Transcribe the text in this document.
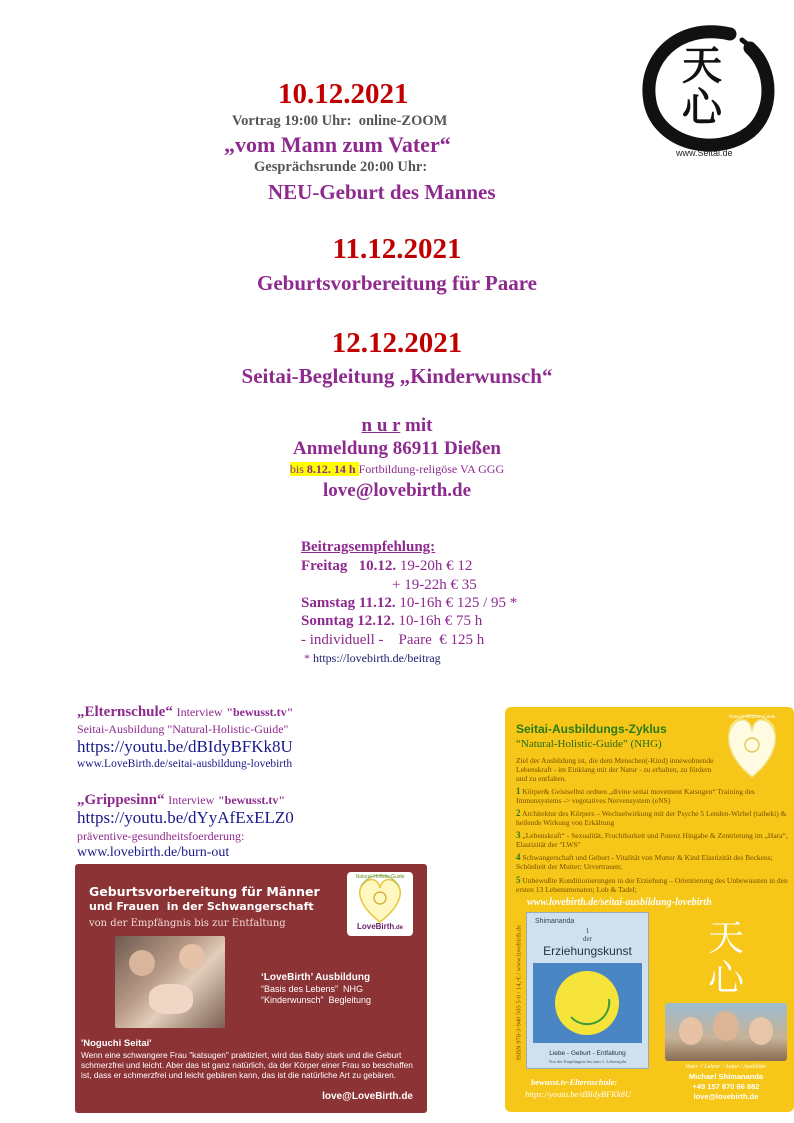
天
心
www.Seitai.de
10.12.2021
Vortrag 19:00 Uhr:  online-ZOOM
„vom Mann zum Vater“
Gesprächsrunde 20:00 Uhr:
NEU-Geburt des Mannes
11.12.2021
Geburtsvorbereitung für Paare
12.12.2021
Seitai-Begleitung „Kinderwunsch“
n u r mit
Anmeldung 86911 Dießen
bis 8.12. 14 h Fortbildung-religöse VA GGG
love@lovebirth.de
Beitragsempfehlung:
Freitag   10.12. 19-20h € 12
+ 19-22h € 35
Samstag 11.12. 10-16h € 125 / 95 *
Sonntag 12.12. 10-16h € 75 h
- individuell -    Paare  € 125 h
* https://lovebirth.de/beitrag
„Elternschule“ Interview "bewusst.tv"
Seitai-Ausbildung "Natural-Holistic-Guide"
https://youtu.be/dBIdyBFKk8U
www.LoveBirth.de/seitai-ausbildung-lovebirth
„Grippesinn“ Interview "bewusst.tv"
https://youtu.be/dYyAfExELZ0
präventive-gesundheitsfoerderung:
www.lovebirth.de/burn-out
Geburtsvorbereitung für Männer
und Frauen  in der Schwangerschaft
von der Empfängnis bis zur Entfaltung
Natural-Holistic-Guide
LoveBirth.de
‘LoveBirth’ Ausbildung
“Basis des Lebens”  NHG
“Kinderwunsch”  Begleitung
'Noguchi Seitai'
Wenn eine schwangere Frau "katsugen" praktiziert, wird das Baby stark und die Geburt schmerzfrei und leicht. Aber das ist ganz natürlich, da der Körper einer Frau so beschaffen ist, dass er schmerzfrei und leicht gebären kann, das ist die natürliche Art zu gebären.
love@LoveBirth.de
Seitai-Ausbildungs-Zyklus
“Natural-Holistic-Guide” (NHG)
Natural-Holistic-Guide
Ziel der Ausbildung ist, die dem Menschen(-Kind) innewohnende Lebenskraft - im Einklang mit der Natur - zu erhalten, zu fördern und zu entfalten.
1 Körper& Geistselbst ordnen „divine seitai movement Katsugen“ Training des Immunsystems -> vegetatives Nervensystem (eNS)
2 Architektur des Körpers – Wechselwirkung mit der Psyche 5 Lenden-Wirbel (taiheki) & heilende Wirkung von Erkältung
3 „Lebenskraft“ - Sexualität, Fruchtbarkeit und Potenz Hingabe & Zentrierung im „Hara“, Elastizität der "LWS"
4 Schwangerschaft und Geburt - Vitalität von Mutter & Kind Elastizität des Beckens; Schönheit der Mutter; Urvertrauen;
5 Unbewußte Konditionierungen in der Erziehung – Orientierung des Unbewussten in den ersten 13 Lebensmonaten; Lob & Tadel;
www.lovebirth.de/seitai-ausbildung-lovebirth
ISBN 978-3-940 503 5-0 / 14,-€ / www.lovebirth.de
Shimananda
1
der
Erziehungskunst
Liebe - Geburt - Entfaltung
Von der Empfängnis bis zum 1. Lebensjahr
天
心
Vater // Lehrer / Autor / Ausbilder
Michael Shimananda
+49 157 870 66 882
love@lovebirth.de
bewusst.tv-Elternschule:
https://youtu.be/dBIdyBFKk8U
